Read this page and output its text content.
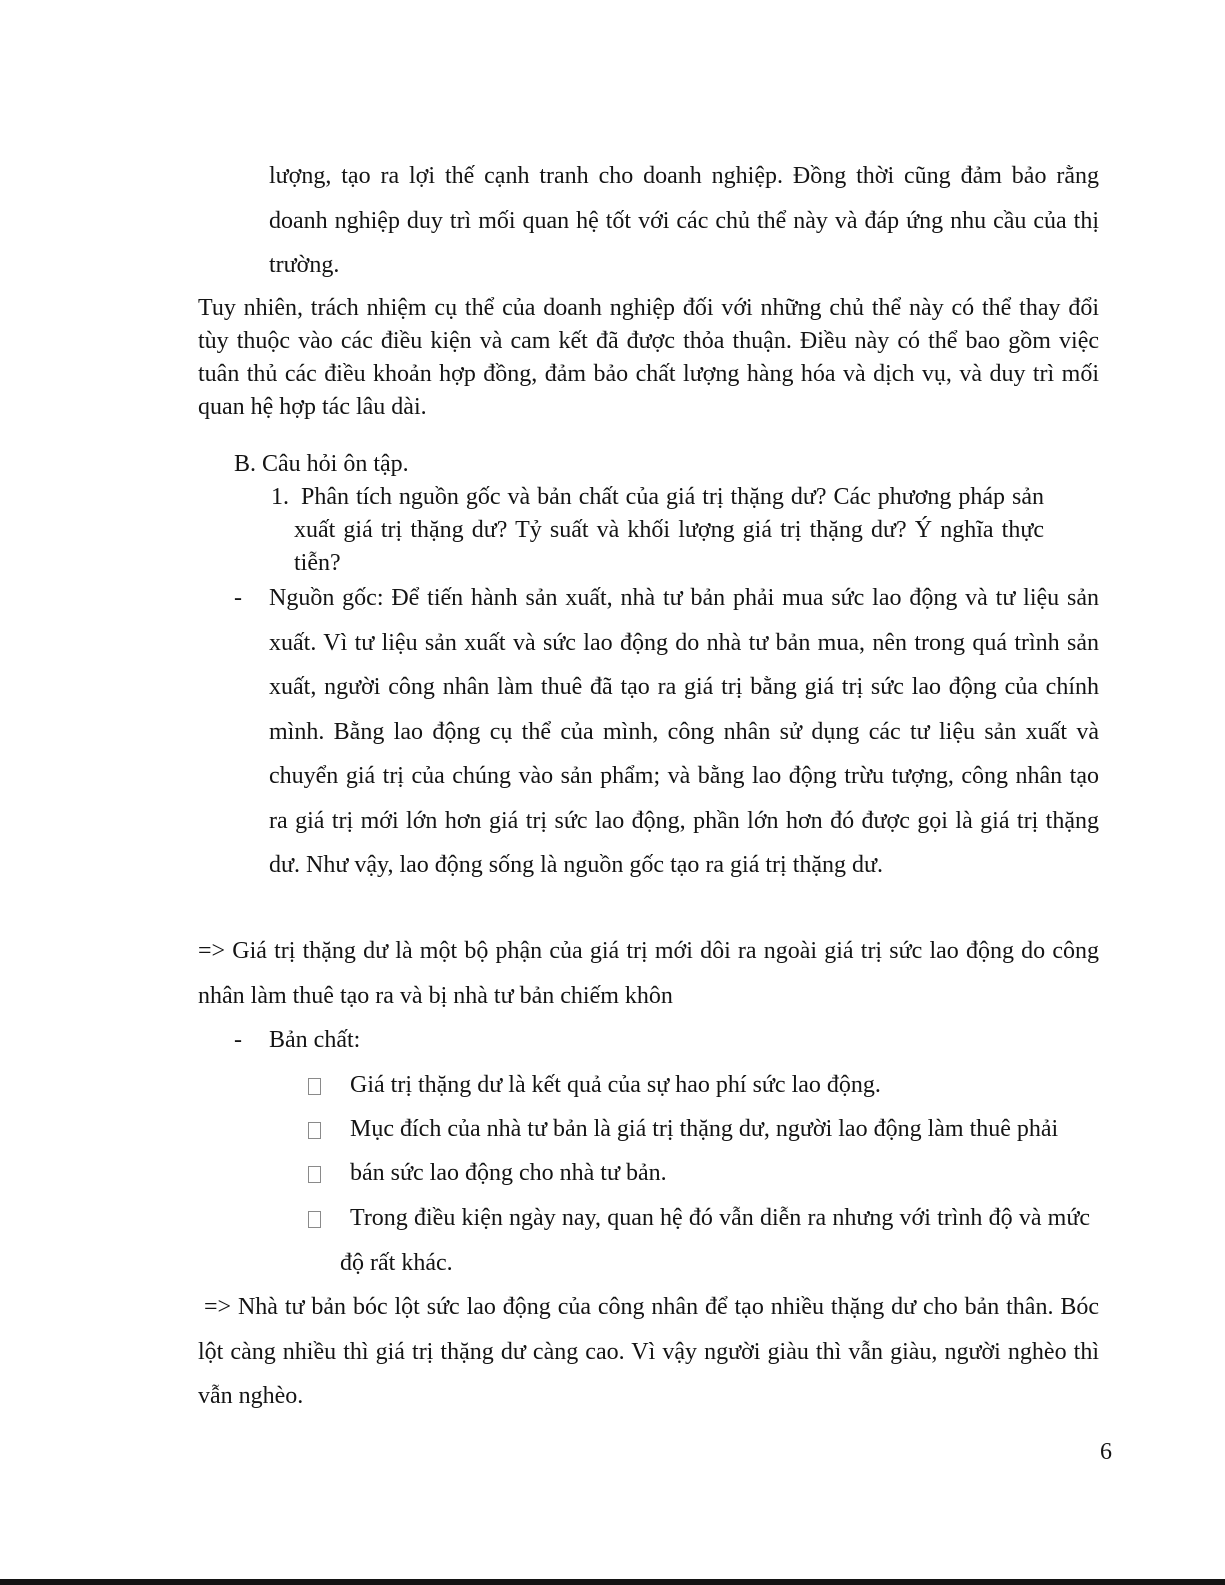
lượng, tạo ra lợi thế cạnh tranh cho doanh nghiệp. Đồng thời cũng đảm bảo rằng doanh nghiệp duy trì mối quan hệ tốt với các chủ thể này và đáp ứng nhu cầu của thị trường.

Tuy nhiên, trách nhiệm cụ thể của doanh nghiệp đối với những chủ thể này có thể thay đổi tùy thuộc vào các điều kiện và cam kết đã được thỏa thuận. Điều này có thể bao gồm việc tuân thủ các điều khoản hợp đồng, đảm bảo chất lượng hàng hóa và dịch vụ, và duy trì mối quan hệ hợp tác lâu dài.

B. Câu hỏi ôn tập.
1. Phân tích nguồn gốc và bản chất của giá trị thặng dư? Các phương pháp sản xuất giá trị thặng dư? Tỷ suất và khối lượng giá trị thặng dư? Ý nghĩa thực tiễn?

-	Nguồn gốc: Để tiến hành sản xuất, nhà tư bản phải mua sức lao động và tư liệu sản xuất. Vì tư liệu sản xuất và sức lao động do nhà tư bản mua, nên trong quá trình sản xuất, người công nhân làm thuê đã tạo ra giá trị bằng giá trị sức lao động của chính mình. Bằng lao động cụ thể của mình, công nhân sử dụng các tư liệu sản xuất và chuyển giá trị của chúng vào sản phẩm; và bằng lao động trừu tượng, công nhân tạo ra giá trị mới lớn hơn giá trị sức lao động, phần lớn hơn đó được gọi là giá trị thặng dư. Như vậy, lao động sống là nguồn gốc tạo ra giá trị thặng dư.

=> Giá trị thặng dư là một bộ phận của giá trị mới dôi ra ngoài giá trị sức lao động do công nhân làm thuê tạo ra và bị nhà tư bản chiếm khôn

-	Bản chất:
Giá trị thặng dư là kết quả của sự hao phí sức lao động.
Mục đích của nhà tư bản là giá trị thặng dư, người lao động làm thuê phải
bán sức lao động cho nhà tư bản.

Trong điều kiện ngày nay, quan hệ đó vẫn diễn ra nhưng với trình độ và mức độ rất khác.

=> Nhà tư bản bóc lột sức lao động của công nhân để tạo nhiều thặng dư cho bản thân. Bóc lột càng nhiều thì giá trị thặng dư càng cao. Vì vậy người giàu thì vẫn giàu, người nghèo thì vẫn nghèo.

6
